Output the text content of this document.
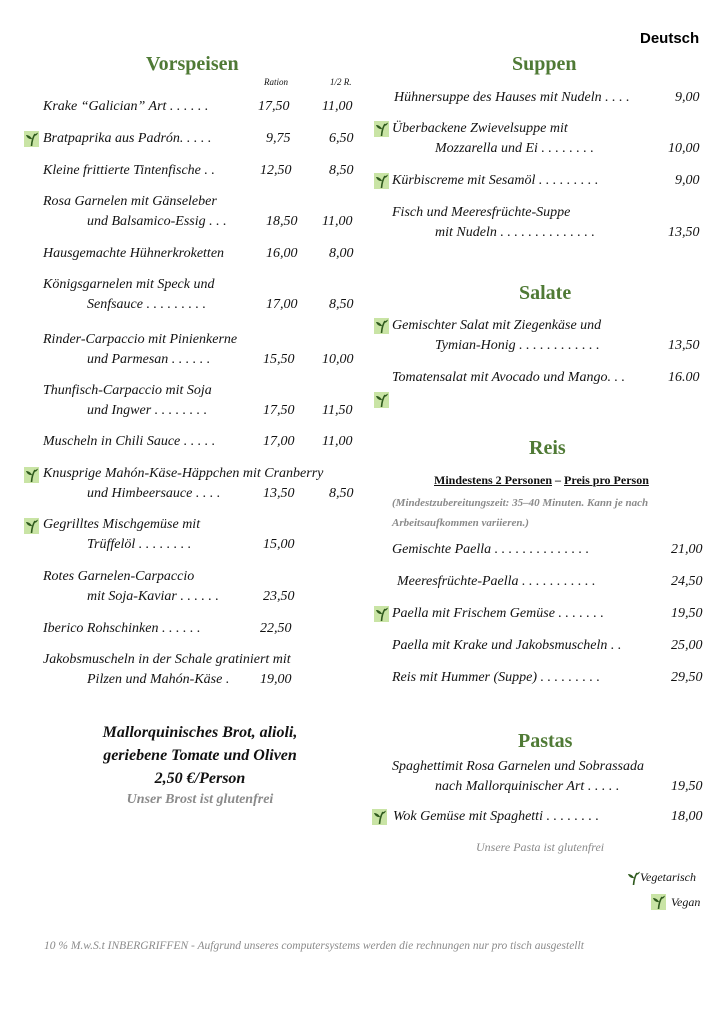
Deutsch
Vorspeisen
Ration	1/2 R.
Krake “Galician” Art . . . . . .	17,50 11,00
Bratpaprika aus Padrón. . . . .	9,75	6,50
Kleine frittierte Tintenfische . .	12,50	8,50
Rosa Garnelen mit Gänseleber
und Balsamico-Essig . . .	18,50 11,00
Hausgemachte Hühnerkroketten	16,00 8,00
Königsgarnelen mit Speck und
Senfsauce . . . . . . . . .	17,00 8,50
Rinder-Carpaccio mit Pinienkerne
und Parmesan . . . . . .	15,50 10,00
Thunfisch-Carpaccio mit Soja
und Ingwer . . . . . . . .	17,50 11,50
Muscheln in Chili Sauce . . . . .	17,00 11,00
Knusprige Mahón-Käse-Häppchen mit Cranberry
und Himbeersauce . . . .	13,50 8,50
Gegrilltes Mischgemüse mit
Trüffelöl . . . . . . . .	15,00
Rotes Garnelen-Carpaccio
mit Soja-Kaviar . . . . . .	23,50
Iberico Rohschinken . . . . . .	22,50
Jakobsmuscheln in der Schale gratiniert mit
Pilzen und Mahón-Käse . 19,00
Mallorquinisches Brot, alioli,
geriebene Tomate und Oliven
2,50 €/Person
Unser Brost ist glutenfrei
Suppen
Hühnersuppe des Hauses mit Nudeln . . . .	9,00
Überbackene Zwievelsuppe mit
Mozzarella und Ei . . . . . . . .	10,00
Kürbiscreme mit Sesamöl . . . . . . . . .	9,00
Fisch und Meeresfrüchte-Suppe
mit Nudeln . . . . . . . . . . . . . .	13,50
Salate
Gemischter Salat mit Ziegenkäse und
Tymian-Honig . . . . . . . . . . . .	13,50
Tomatensalat mit Avocado und Mango. . .	16.00
Reis
Mindestens 2 Personen – Preis pro Person
(Mindestzubereitungszeit: 35–40 Minuten. Kann je nach
Arbeitsaufkommen variieren.)
Gemischte Paella . . . . . . . . . . . . . .	21,00
Meeresfrüchte-Paella . . . . . . . . . . .	24,50
Paella mit Frischem Gemüse . . . . . . .	19,50
Paella mit Krake und Jakobsmuscheln . .	25,00
Reis mit Hummer (Suppe) . . . . . . . . .	29,50
Pastas
Spaghettimit Rosa Garnelen und Sobrassada
nach Mallorquinischer Art . . . . .	19,50
Wok Gemüse mit Spaghetti . . . . . . . .	18,00
Unsere Pasta ist glutenfrei
Vegetarisch
Vegan
10 % M.w.S.t INBERGRIFFEN - Aufgrund unseres computersystems werden die rechnungen nur pro tisch ausgestellt
